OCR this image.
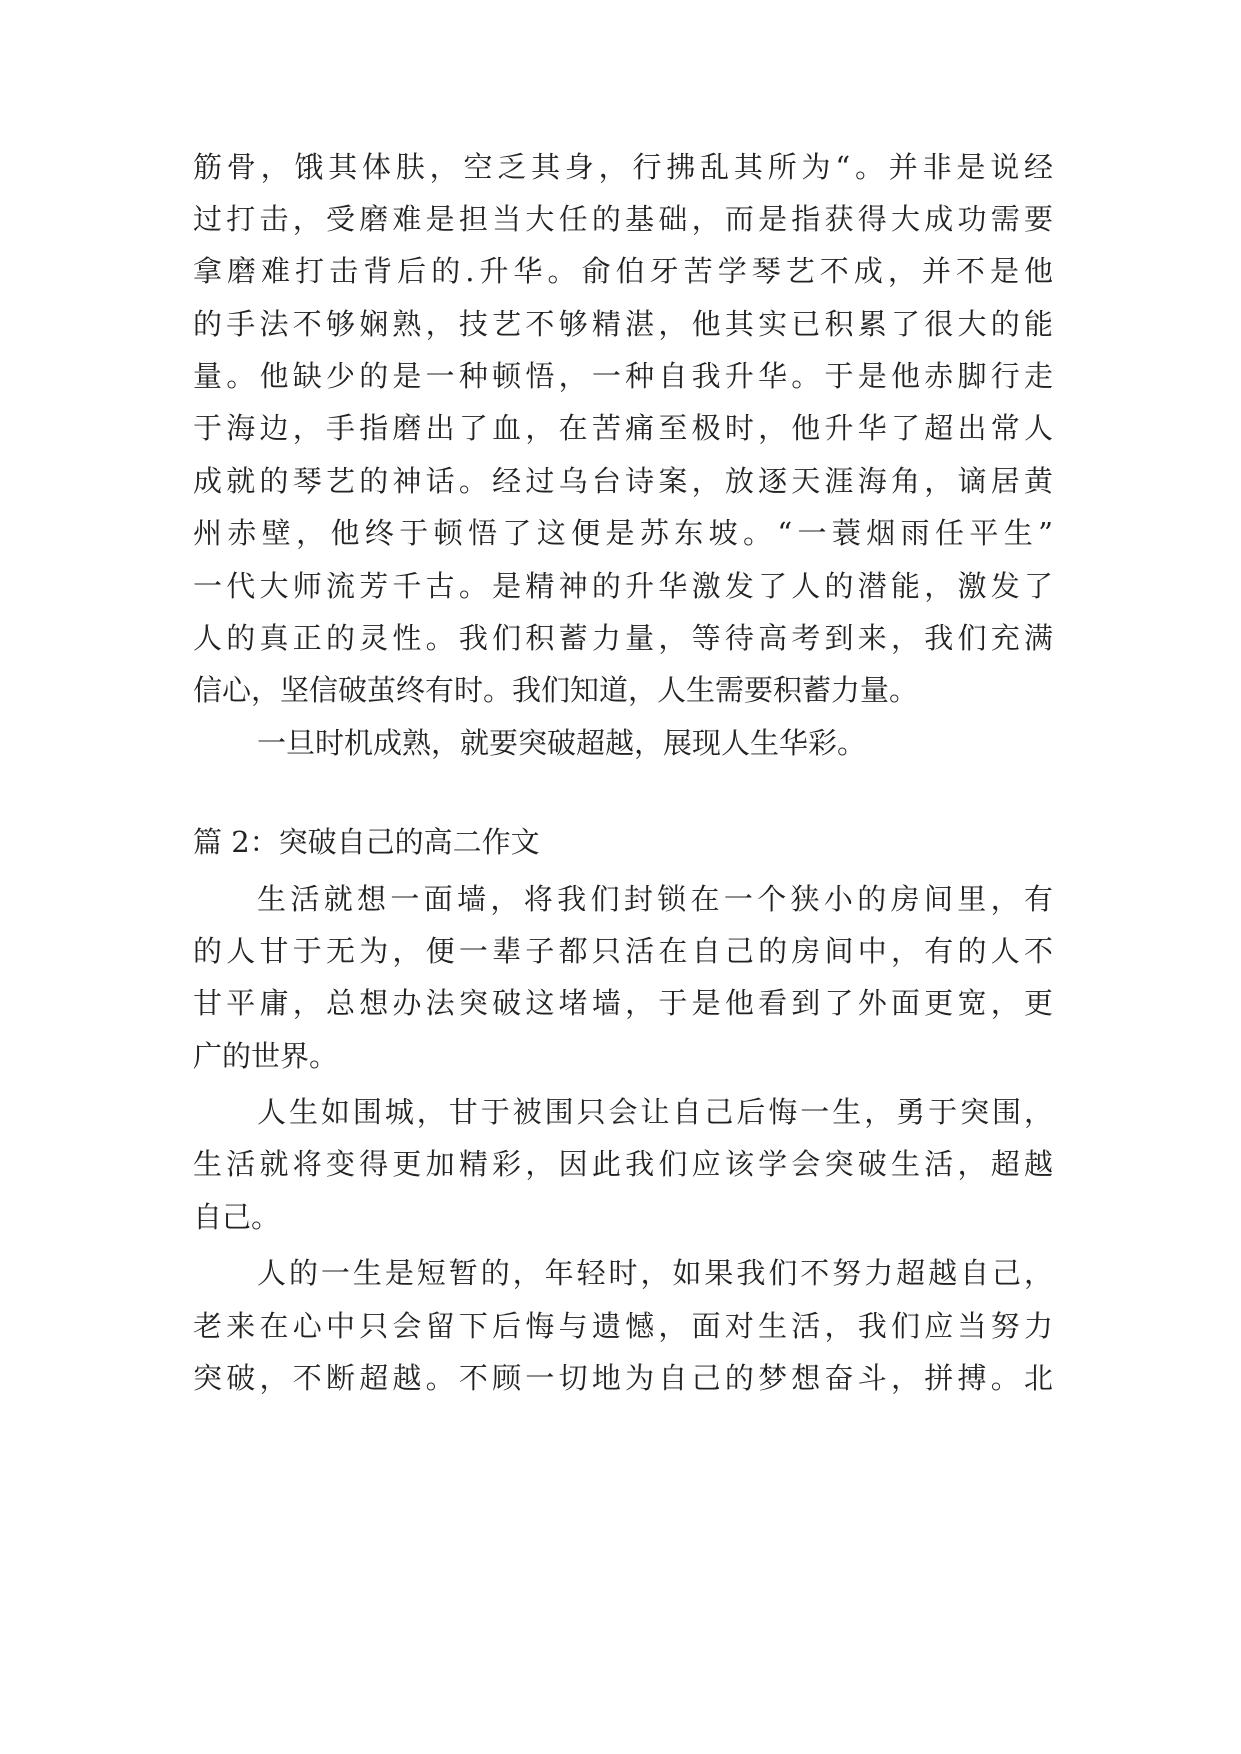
筋骨，饿其体肤，空乏其身，行拂乱其所为“。并非是说经
过打击，受磨难是担当大任的基础，而是指获得大成功需要
拿磨难打击背后的.升华。俞伯牙苦学琴艺不成，并不是他
的手法不够娴熟，技艺不够精湛，他其实已积累了很大的能
量。他缺少的是一种顿悟，一种自我升华。于是他赤脚行走
于海边，手指磨出了血，在苦痛至极时，他升华了超出常人
成就的琴艺的神话。经过乌台诗案，放逐天涯海角，谪居黄
州赤壁，他终于顿悟了这便是苏东坡。“一蓑烟雨任平生”
一代大师流芳千古。是精神的升华激发了人的潜能，激发了
人的真正的灵性。我们积蓄力量，等待高考到来，我们充满
信心，坚信破茧终有时。我们知道，人生需要积蓄力量。
一旦时机成熟，就要突破超越，展现人生华彩。
篇 2：突破自己的高二作文
生活就想一面墙，将我们封锁在一个狭小的房间里，有
的人甘于无为，便一辈子都只活在自己的房间中，有的人不
甘平庸，总想办法突破这堵墙，于是他看到了外面更宽，更
广的世界。
人生如围城，甘于被围只会让自己后悔一生，勇于突围，
生活就将变得更加精彩，因此我们应该学会突破生活，超越
自己。
人的一生是短暂的，年轻时，如果我们不努力超越自己，
老来在心中只会留下后悔与遗憾，面对生活，我们应当努力
突破，不断超越。不顾一切地为自己的梦想奋斗，拼搏。北
